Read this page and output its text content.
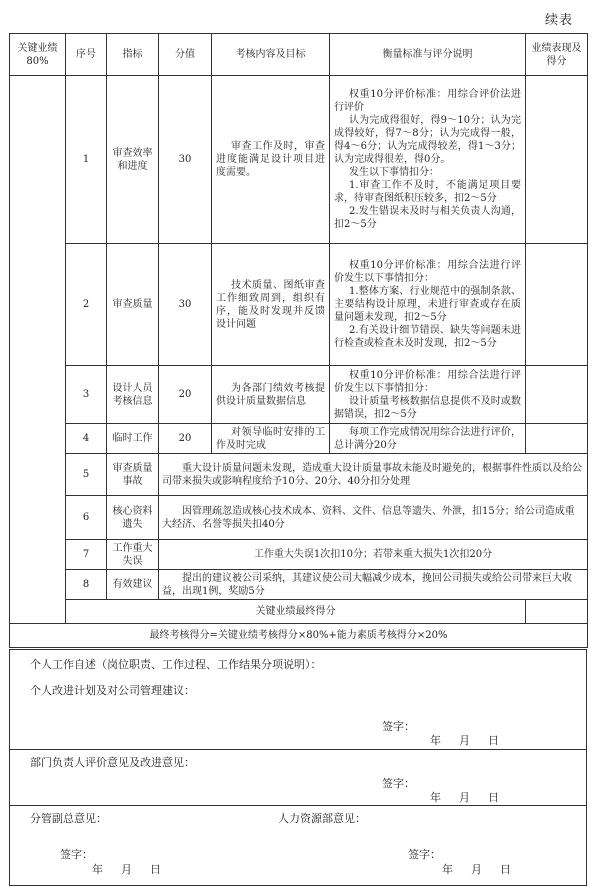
续表
关键业绩80%	序号	指标	分值	考核内容及目标	衡量标准与评分说明	业绩表现及得分	
	1	审查效率和进度	30	审查工作及时，审查进度能满足设计项目进度需要。	权重10分评价标准：用综合评价法进行评价

认为完成得很好，得9～10分；认为完成得较好，得7～8分；认为完成得一般，得4～6分；认为完成得较差，得1～3分；认为完成得很差，得0分。

发生以下事情扣分：

1.审查工作不及时，不能满足项目要求，待审查图纸积压较多，扣2～5分

2.发生错误未及时与相关负责人沟通，扣2～5分		

	2	审查质量	30	技术质量、图纸审查工作细致周到，组织有序，能及时发现并反馈设计问题	权重10分评价标准：用综合法进行评价发生以下事情扣分：

1.整体方案、行业规范中的强制条款、主要结构设计原理，未进行审查或存在质量问题未发现，扣2～5分

2.有关设计细节错误、缺失等问题未进行检查或检查未及时发现，扣2～5分		

	3	设计人员考核信息	20	为各部门绩效考核提供设计质量数据信息	权重10分评价标准：用综合法进行评价发生以下事情扣分：

设计质量考核数据信息提供不及时或数据错误，扣2～5分		

	4	临时工作	20	对领导临时安排的工作及时完成	每项工作完成情况用综合法进行评价，总计满分20分		

	5	审查质量事故	重大设计质量问题未发现，造成重大设计质量事故未能及时避免的，根据事件性质以及给公司带来损失或影响程度给予10分、20分、40分扣分处理				

	6	核心资料遗失	因管理疏忽造成核心技术成本、资料、文件、信息等遗失、外泄，扣15分；给公司造成重大经济、名誉等损失扣40分				

	7	工作重大失误	工作重大失误1次扣10分；若带来重大损失1次扣20分				
	8	有效建议	提出的建议被公司采纳，其建议使公司大幅减少成本，挽回公司损失或给公司带来巨大收益，出现1例，奖励5分				

	关键业绩最终得分						
最终考核得分=关键业绩考核得分×80%+能力素质考核得分×20%							
个人工作自述（岗位职责、工作过程、工作结果分项说明）：
个人改进计划及对公司管理建议：
签字：
年 月 日
部门负责人评价意见及改进意见：
签字：
年 月 日
分管副总意见：	人力资源部意见：
签字：
年 月 日
签字：
年 月 日
